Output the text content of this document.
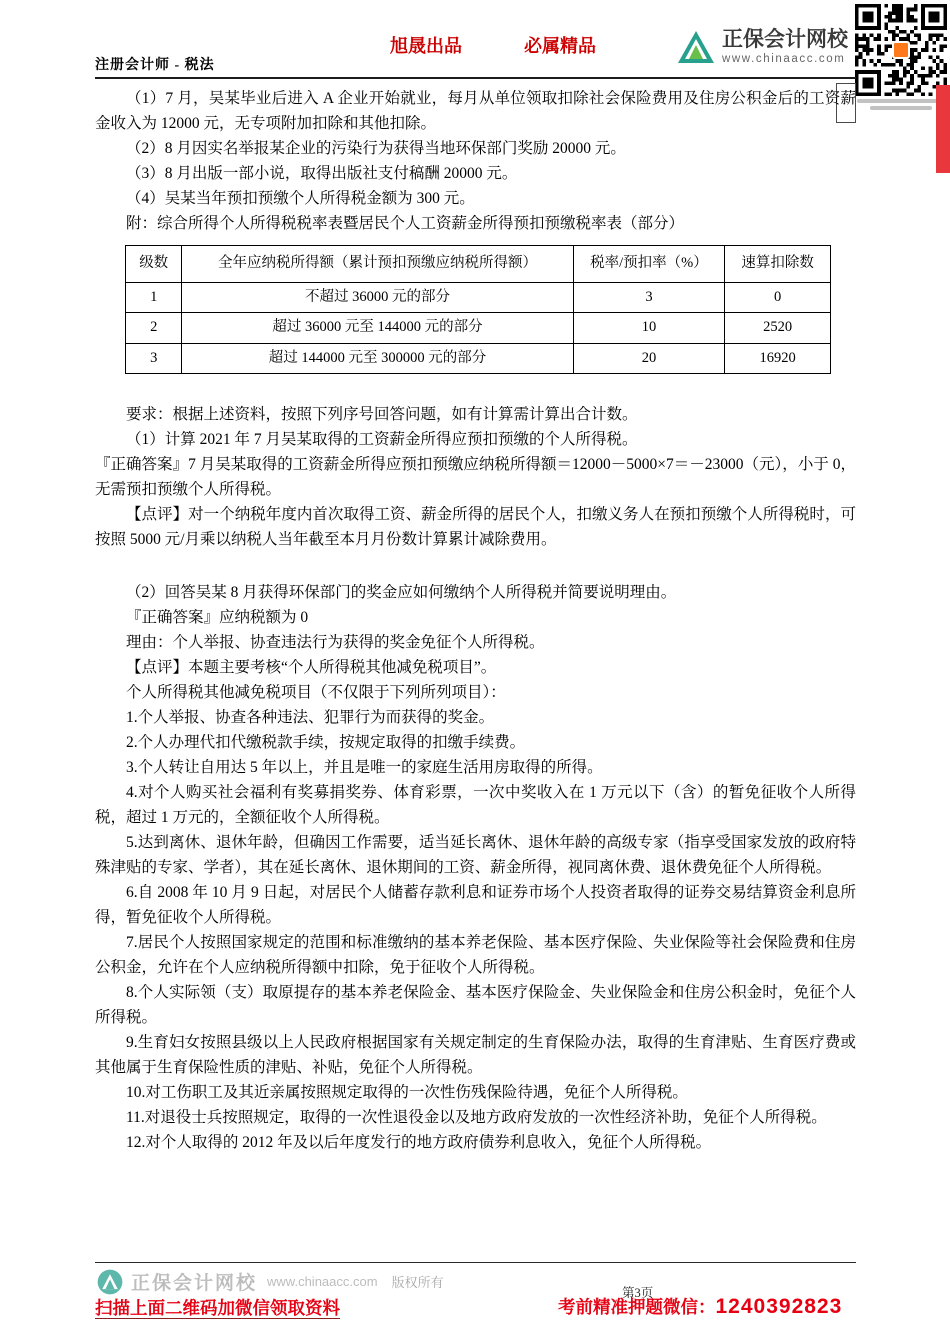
旭晟出品	必属精品	正保会计网校
www.chinaacc.com
注册会计师 - 税法

（1）7 月，吴某毕业后进入 A 企业开始就业，每月从单位领取扣除社会保险费用及住房公积金后的工资薪金收入为 12000 元，无专项附加扣除和其他扣除。

（2）8 月因实名举报某企业的污染行为获得当地环保部门奖励 20000 元。

（3）8 月出版一部小说，取得出版社支付稿酬 20000 元。

（4）吴某当年预扣预缴个人所得税金额为 300 元。

附：综合所得个人所得税税率表暨居民个人工资薪金所得预扣预缴税率表（部分）

级数	全年应纳税所得额（累计预扣预缴应纳税所得额）	税率/预扣率（%）	速算扣除数
1	不超过 36000 元的部分	3	0
2	超过 36000 元至 144000 元的部分	10	2520
3	超过 144000 元至 300000 元的部分	20	16920

要求：根据上述资料，按照下列序号回答问题，如有计算需计算出合计数。

（1）计算 2021 年 7 月吴某取得的工资薪金所得应预扣预缴的个人所得税。

『正确答案』7 月吴某取得的工资薪金所得应预扣预缴应纳税所得额＝12000－5000×7＝－23000（元），小于 0，无需预扣预缴个人所得税。

【点评】对一个纳税年度内首次取得工资、薪金所得的居民个人，扣缴义务人在预扣预缴个人所得税时，可按照 5000 元/月乘以纳税人当年截至本月月份数计算累计减除费用。

（2）回答吴某 8 月获得环保部门的奖金应如何缴纳个人所得税并简要说明理由。

『正确答案』应纳税额为 0

理由：个人举报、协查违法行为获得的奖金免征个人所得税。

【点评】本题主要考核“个人所得税其他减免税项目”。

个人所得税其他减免税项目（不仅限于下列所列项目）：

1.个人举报、协查各种违法、犯罪行为而获得的奖金。

2.个人办理代扣代缴税款手续，按规定取得的扣缴手续费。

3.个人转让自用达 5 年以上，并且是唯一的家庭生活用房取得的所得。

4.对个人购买社会福利有奖募捐奖券、体育彩票，一次中奖收入在 1 万元以下（含）的暂免征收个人所得税，超过 1 万元的，全额征收个人所得税。

5.达到离休、退休年龄，但确因工作需要，适当延长离休、退休年龄的高级专家（指享受国家发放的政府特殊津贴的专家、学者），其在延长离休、退休期间的工资、薪金所得，视同离休费、退休费免征个人所得税。

6.自 2008 年 10 月 9 日起，对居民个人储蓄存款利息和证券市场个人投资者取得的证券交易结算资金利息所得，暂免征收个人所得税。

7.居民个人按照国家规定的范围和标准缴纳的基本养老保险、基本医疗保险、失业保险等社会保险费和住房公积金，允许在个人应纳税所得额中扣除，免于征收个人所得税。

8.个人实际领（支）取原提存的基本养老保险金、基本医疗保险金、失业保险金和住房公积金时，免征个人所得税。

9.生育妇女按照县级以上人民政府根据国家有关规定制定的生育保险办法，取得的生育津贴、生育医疗费或其他属于生育保险性质的津贴、补贴，免征个人所得税。

10.对工伤职工及其近亲属按照规定取得的一次性伤残保险待遇，免征个人所得税。

11.对退役士兵按照规定，取得的一次性退役金以及地方政府发放的一次性经济补助，免征个人所得税。

12.对个人取得的 2012 年及以后年度发行的地方政府债券利息收入，免征个人所得税。

正保会计网校 www.chinaacc.com 版权所有
第3页
扫描上面二维码加微信领取资料	考前精准押题微信：1240392823
